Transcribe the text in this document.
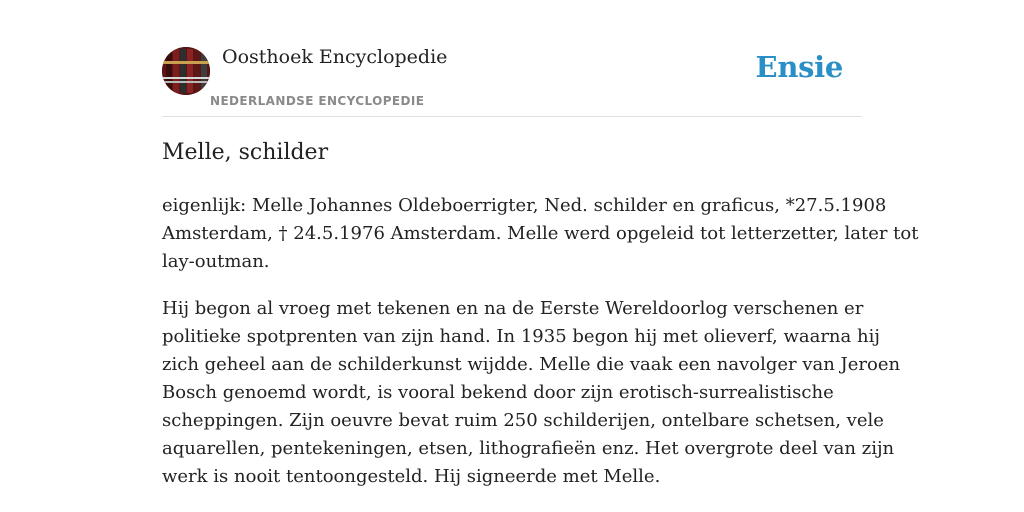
Oosthoek Encyclopedie
NEDERLANDSE ENCYCLOPEDIE
Ensie
Melle, schilder

eigenlijk: Melle Johannes Oldeboerrigter, Ned. schilder en graficus, *27.5.1908
Amsterdam, † 24.5.1976 Amsterdam. Melle werd opgeleid tot letterzetter, later tot
lay-outman.

Hij begon al vroeg met tekenen en na de Eerste Wereldoorlog verschenen er
politieke spotprenten van zijn hand. In 1935 begon hij met olieverf, waarna hij
zich geheel aan de schilderkunst wijdde. Melle die vaak een navolger van Jeroen
Bosch genoemd wordt, is vooral bekend door zijn erotisch-surrealistische
scheppingen. Zijn oeuvre bevat ruim 250 schilderijen, ontelbare schetsen, vele
aquarellen, pentekeningen, etsen, lithografieën enz. Het overgrote deel van zijn
werk is nooit tentoongesteld. Hij signeerde met Melle.
